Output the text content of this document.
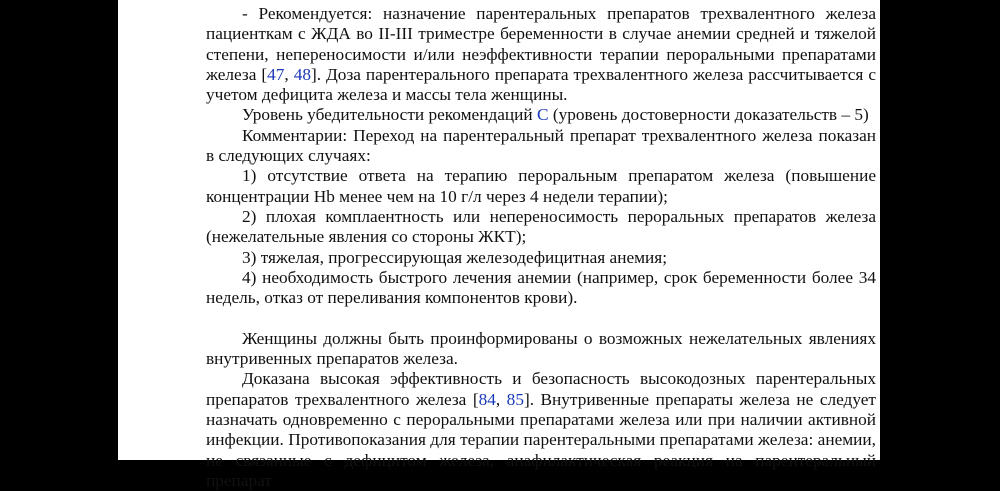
- Рекомендуется: назначение парентеральных препаратов трехвалентного железа пациенткам с ЖДА во II-III триместре беременности в случае анемии средней и тяжелой степени, непереносимости и/или неэффективности терапии пероральными препаратами железа [47, 48]. Доза парентерального препарата трехвалентного железа рассчитывается с учетом дефицита железа и массы тела женщины.

Уровень убедительности рекомендаций C (уровень достоверности доказательств – 5)

Комментарии: Переход на парентеральный препарат трехвалентного железа показан в следующих случаях:

1) отсутствие ответа на терапию пероральным препаратом железа (повышение концентрации Hb менее чем на 10 г/л через 4 недели терапии);

2) плохая комплаентность или непереносимость пероральных препаратов железа (нежелательные явления со стороны ЖКТ);

3) тяжелая, прогрессирующая железодефицитная анемия;

4) необходимость быстрого лечения анемии (например, срок беременности более 34 недель, отказ от переливания компонентов крови).

Женщины должны быть проинформированы о возможных нежелательных явлениях внутривенных препаратов железа.

Доказана высокая эффективность и безопасность высокодозных парентеральных препаратов трехвалентного железа [84, 85]. Внутривенные препараты железа не следует назначать одновременно с пероральными препаратами железа или при наличии активной инфекции. Противопоказания для терапии парентеральными препаратами железа: анемии, не связанные с дефицитом железа, анафилактическая реакция на парентеральный препарат
